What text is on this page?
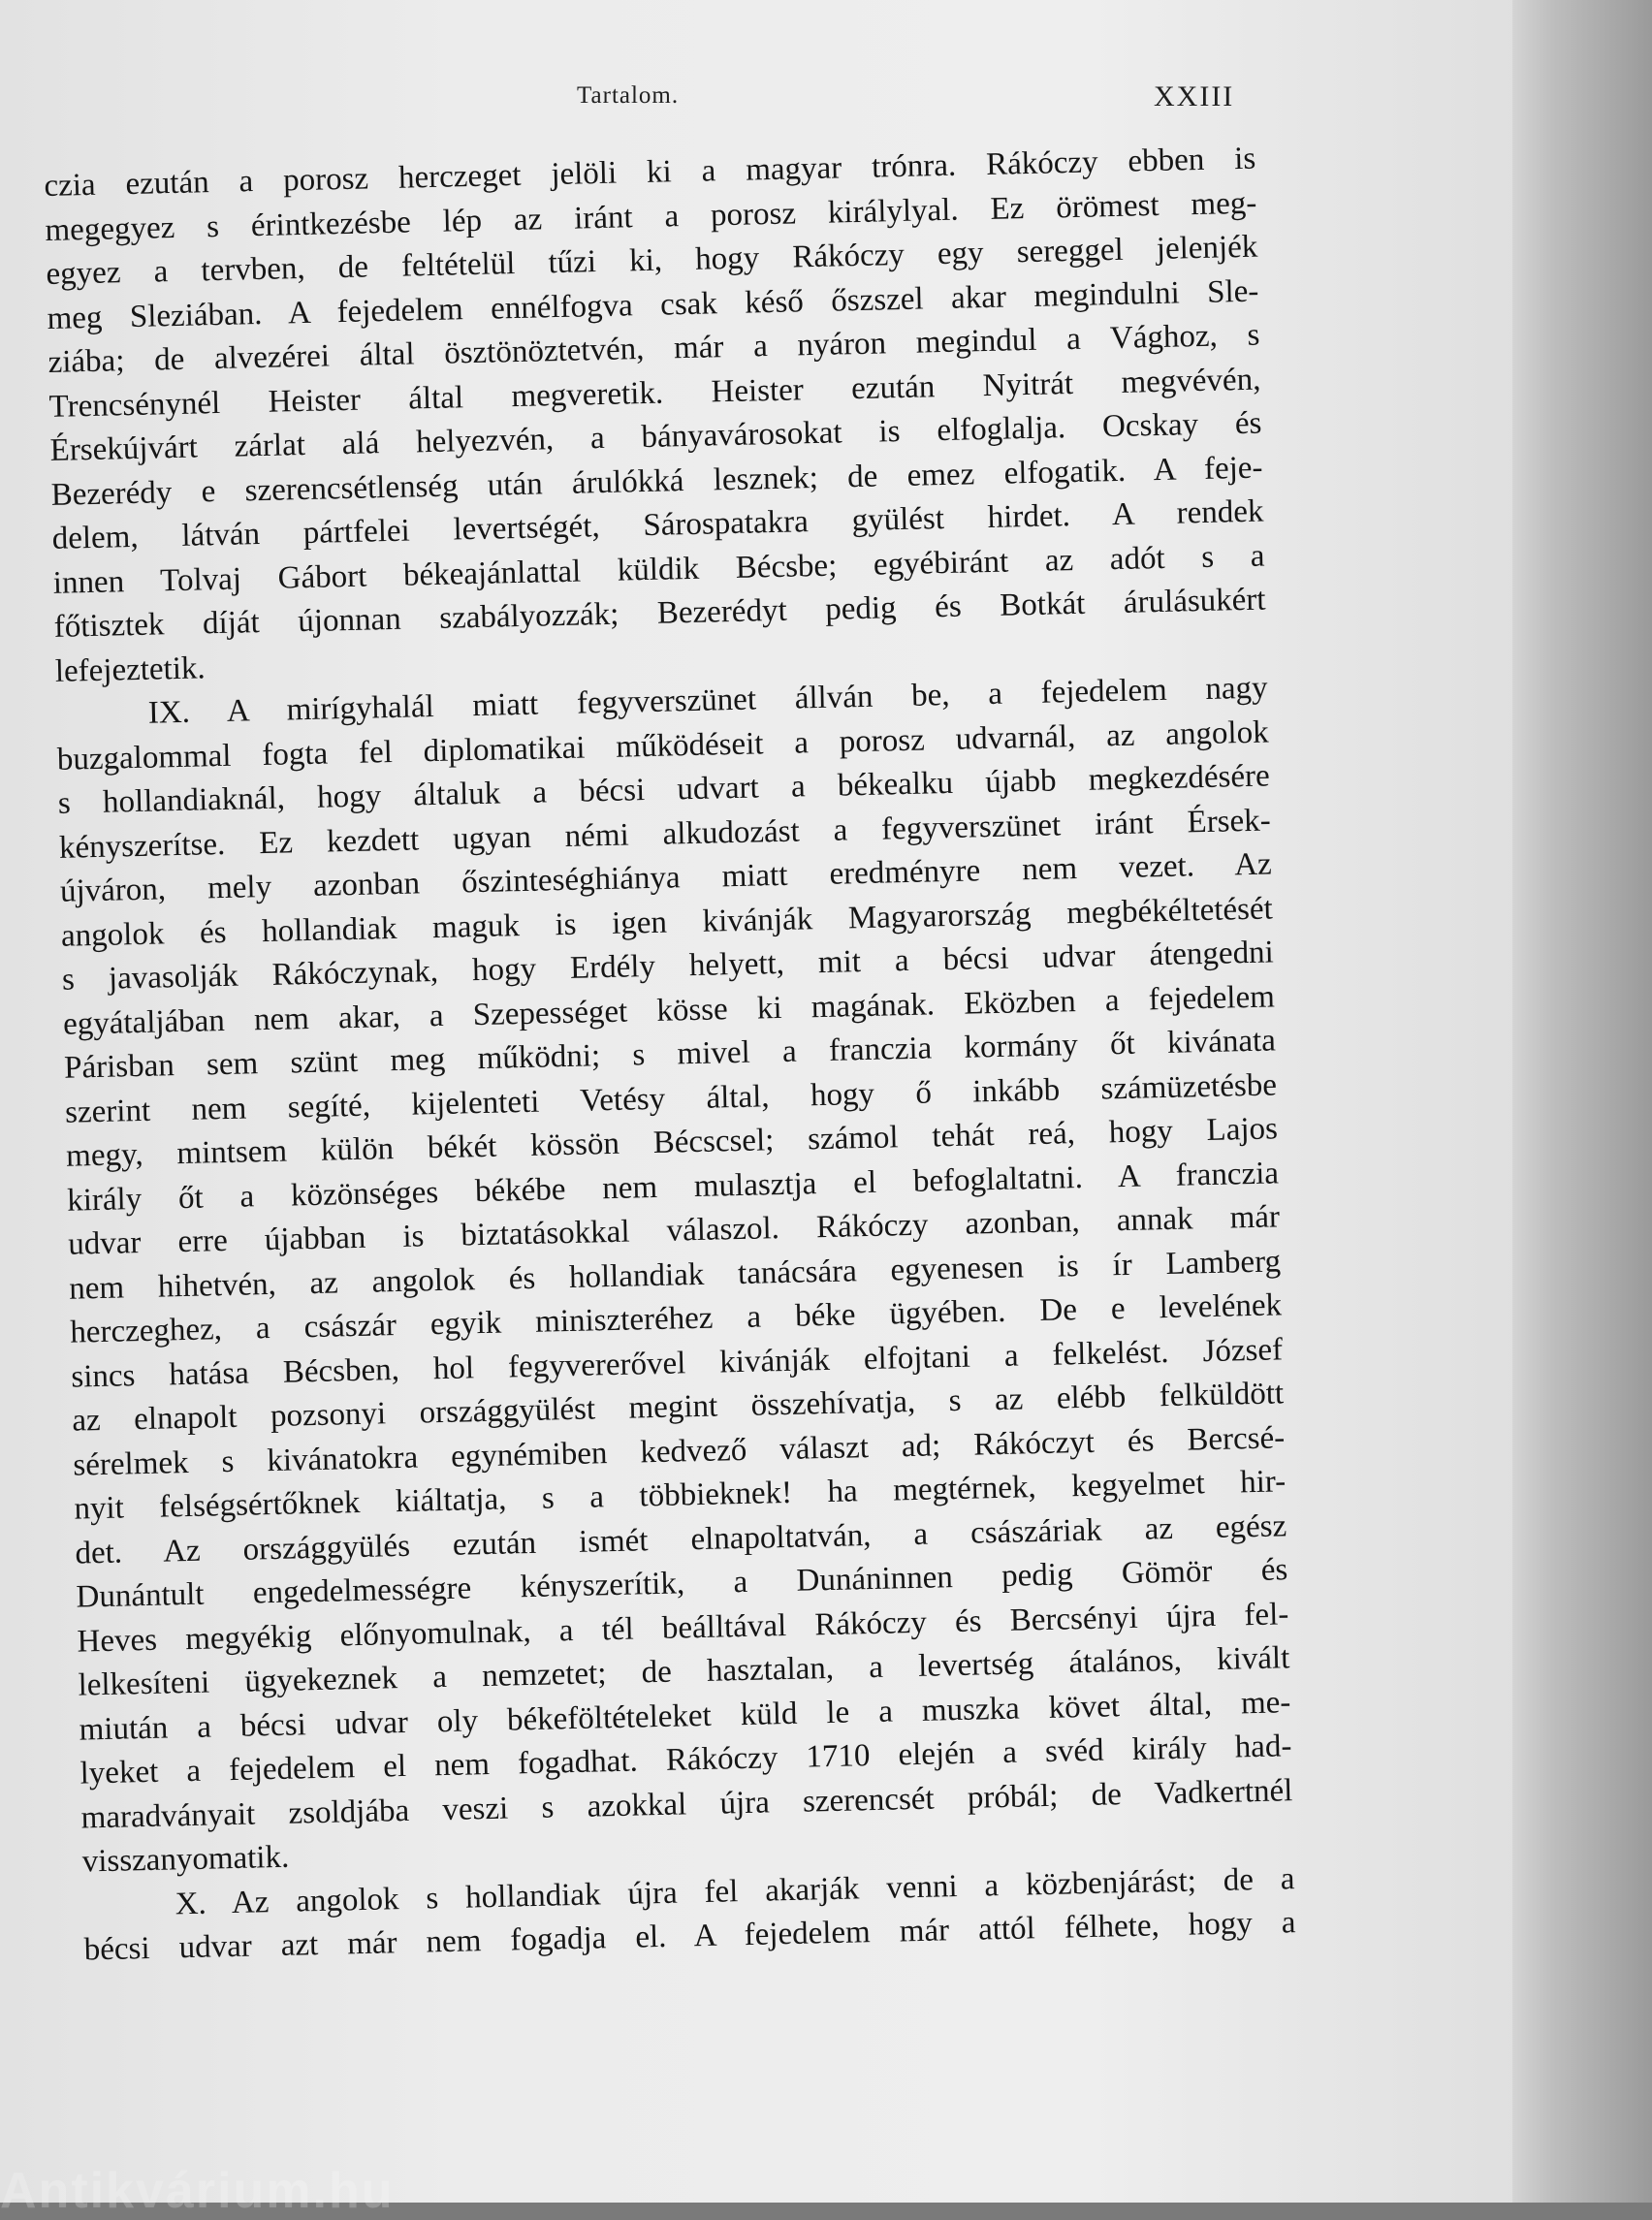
Tartalom.	XXIII
czia ezután a porosz herczeget jelöli ki a magyar trónra. Rákóczy ebben is
megegyez s érintkezésbe lép az iránt a porosz királylyal. Ez örömest meg-
egyez a tervben, de feltételül tűzi ki, hogy Rákóczy egy sereggel jelenjék
meg Sleziában. A fejedelem ennélfogva csak késő őszszel akar megindulni Sle-
ziába; de alvezérei által ösztönöztetvén, már a nyáron megindul a Vághoz, s
Trencsénynél Heister által megveretik. Heister ezután Nyitrát megvévén,
Érsekújvárt zárlat alá helyezvén, a bányavárosokat is elfoglalja. Ocskay és
Bezerédy e szerencsétlenség után árulókká lesznek; de emez elfogatik. A feje-
delem, látván pártfelei levertségét, Sárospatakra gyülést hirdet. A rendek
innen Tolvaj Gábort békeajánlattal küldik Bécsbe; egyébiránt az adót s a
főtisztek díját újonnan szabályozzák; Bezerédyt pedig és Botkát árulásukért
lefejeztetik.
IX. A mirígyhalál miatt fegyverszünet állván be, a fejedelem nagy
buzgalommal fogta fel diplomatikai működéseit a porosz udvarnál, az angolok
s hollandiaknál, hogy általuk a bécsi udvart a békealku újabb megkezdésére
kényszerítse. Ez kezdett ugyan némi alkudozást a fegyverszünet iránt Érsek-
újváron, mely azonban őszinteséghiánya miatt eredményre nem vezet. Az
angolok és hollandiak maguk is igen kivánják Magyarország megbékéltetését
s javasolják Rákóczynak, hogy Erdély helyett, mit a bécsi udvar átengedni
egyátaljában nem akar, a Szepességet kösse ki magának. Eközben a fejedelem
Párisban sem szünt meg működni; s mivel a franczia kormány őt kivánata
szerint nem segíté, kijelenteti Vetésy által, hogy ő inkább számüzetésbe
megy, mintsem külön békét kössön Bécscsel; számol tehát reá, hogy Lajos
király őt a közönséges békébe nem mulasztja el befoglaltatni. A franczia
udvar erre újabban is biztatásokkal válaszol. Rákóczy azonban, annak már
nem hihetvén, az angolok és hollandiak tanácsára egyenesen is ír Lamberg
herczeghez, a császár egyik miniszteréhez a béke ügyében. De e levelének
sincs hatása Bécsben, hol fegyvererővel kivánják elfojtani a felkelést. József
az elnapolt pozsonyi országgyülést megint összehívatja, s az elébb felküldött
sérelmek s kivánatokra egynémiben kedvező választ ad; Rákóczyt és Bercsé-
nyit felségsértőknek kiáltatja, s a többieknek! ha megtérnek, kegyelmet hir-
det. Az országgyülés ezután ismét elnapoltatván, a császáriak az egész
Dunántult engedelmességre kényszerítik, a Dunáninnen pedig Gömör és
Heves megyékig előnyomulnak, a tél beálltával Rákóczy és Bercsényi újra fel-
lelkesíteni ügyekeznek a nemzetet; de hasztalan, a levertség átalános, kivált
miután a bécsi udvar oly békeföltételeket küld le a muszka követ által, me-
lyeket a fejedelem el nem fogadhat. Rákóczy 1710 elején a svéd király had-
maradványait zsoldjába veszi s azokkal újra szerencsét próbál; de Vadkertnél
visszanyomatik.
X. Az angolok s hollandiak újra fel akarják venni a közbenjárást; de a
bécsi udvar azt már nem fogadja el. A fejedelem már attól félhete, hogy a
Antikvárium.hu
